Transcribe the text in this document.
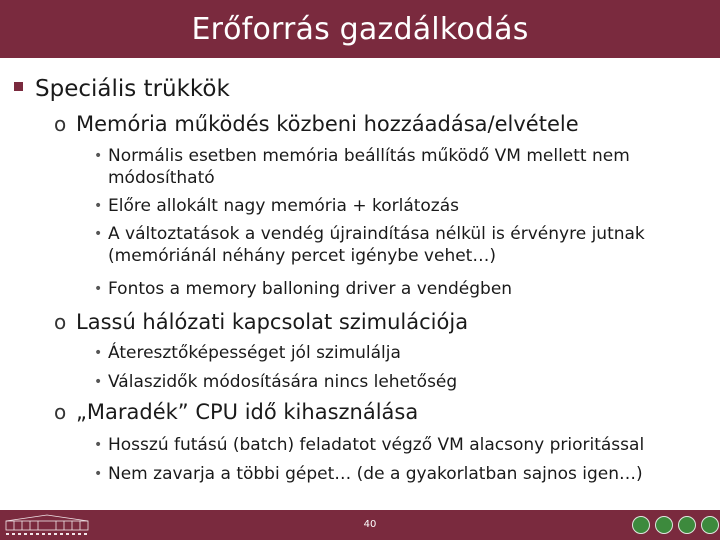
Erőforrás gazdálkodás
Speciális trükkök
o Memória működés közbeni hozzáadása/elvétele
• Normális esetben memória beállítás működő VM mellett nem módosítható
• Előre allokált nagy memória + korlátozás
• A változtatások a vendég újraindítása nélkül is érvényre jutnak (memóriánál néhány percet igénybe vehet…)
• Fontos a memory balloning driver a vendégben
o Lassú hálózati kapcsolat szimulációja
• Áteresztőképességet jól szimulálja
• Válaszidők módosítására nincs lehetőség
o „Maradék” CPU idő kihasználása
• Hosszú futású (batch) feladatot végző VM alacsony prioritással
• Nem zavarja a többi gépet… (de a gyakorlatban sajnos igen…)
40
